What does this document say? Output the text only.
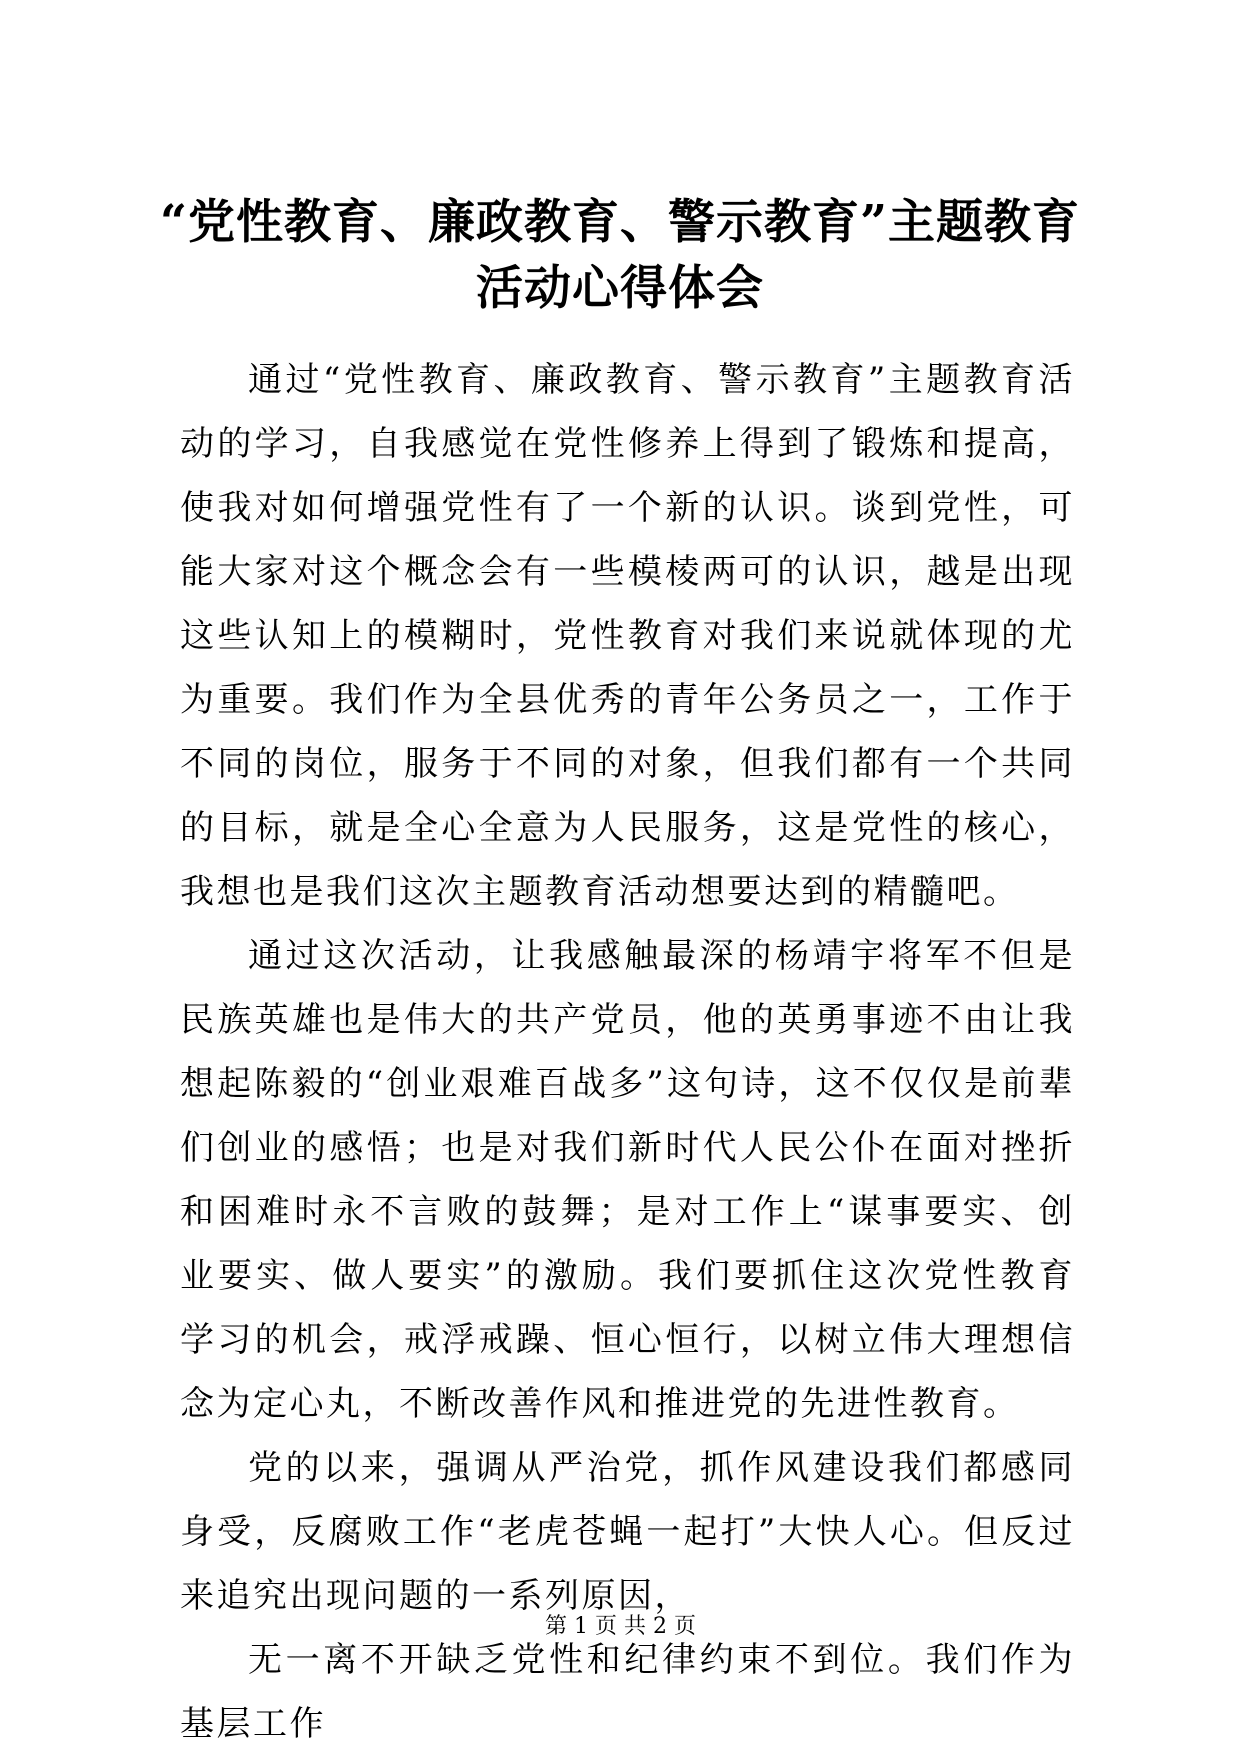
“党性教育、廉政教育、警示教育”主题教育
活动心得体会

通过“党性教育、廉政教育、警示教育”主题教育活动的学习，自我感觉在党性修养上得到了锻炼和提高，使我对如何增强党性有了一个新的认识。谈到党性，可能大家对这个概念会有一些模棱两可的认识，越是出现这些认知上的模糊时，党性教育对我们来说就体现的尤为重要。我们作为全县优秀的青年公务员之一，工作于不同的岗位，服务于不同的对象，但我们都有一个共同的目标，就是全心全意为人民服务，这是党性的核心，我想也是我们这次主题教育活动想要达到的精髓吧。

通过这次活动，让我感触最深的杨靖宇将军不但是民族英雄也是伟大的共产党员，他的英勇事迹不由让我想起陈毅的“创业艰难百战多”这句诗，这不仅仅是前辈们创业的感悟；也是对我们新时代人民公仆在面对挫折和困难时永不言败的鼓舞；是对工作上“谋事要实、创业要实、做人要实”的激励。我们要抓住这次党性教育学习的机会，戒浮戒躁、恒心恒行，以树立伟大理想信念为定心丸，不断改善作风和推进党的先进性教育。

党的以来，强调从严治党，抓作风建设我们都感同身受，反腐败工作“老虎苍蝇一起打”大快人心。但反过来追究出现问题的一系列原因，

无一离不开缺乏党性和纪律约束不到位。我们作为基层工作

第 1 页 共 2 页
